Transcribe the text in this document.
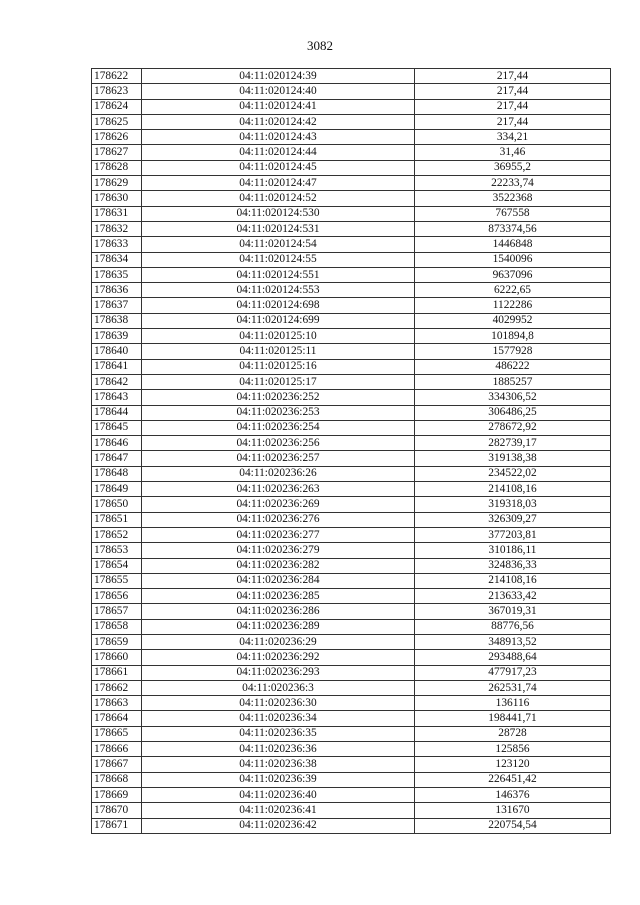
3082
178622	04:11:020124:39	217,44
178623	04:11:020124:40	217,44
178624	04:11:020124:41	217,44
178625	04:11:020124:42	217,44
178626	04:11:020124:43	334,21
178627	04:11:020124:44	31,46
178628	04:11:020124:45	36955,2
178629	04:11:020124:47	22233,74
178630	04:11:020124:52	3522368
178631	04:11:020124:530	767558
178632	04:11:020124:531	873374,56
178633	04:11:020124:54	1446848
178634	04:11:020124:55	1540096
178635	04:11:020124:551	9637096
178636	04:11:020124:553	6222,65
178637	04:11:020124:698	1122286
178638	04:11:020124:699	4029952
178639	04:11:020125:10	101894,8
178640	04:11:020125:11	1577928
178641	04:11:020125:16	486222
178642	04:11:020125:17	1885257
178643	04:11:020236:252	334306,52
178644	04:11:020236:253	306486,25
178645	04:11:020236:254	278672,92
178646	04:11:020236:256	282739,17
178647	04:11:020236:257	319138,38
178648	04:11:020236:26	234522,02
178649	04:11:020236:263	214108,16
178650	04:11:020236:269	319318,03
178651	04:11:020236:276	326309,27
178652	04:11:020236:277	377203,81
178653	04:11:020236:279	310186,11
178654	04:11:020236:282	324836,33
178655	04:11:020236:284	214108,16
178656	04:11:020236:285	213633,42
178657	04:11:020236:286	367019,31
178658	04:11:020236:289	88776,56
178659	04:11:020236:29	348913,52
178660	04:11:020236:292	293488,64
178661	04:11:020236:293	477917,23
178662	04:11:020236:3	262531,74
178663	04:11:020236:30	136116
178664	04:11:020236:34	198441,71
178665	04:11:020236:35	28728
178666	04:11:020236:36	125856
178667	04:11:020236:38	123120
178668	04:11:020236:39	226451,42
178669	04:11:020236:40	146376
178670	04:11:020236:41	131670
178671	04:11:020236:42	220754,54
